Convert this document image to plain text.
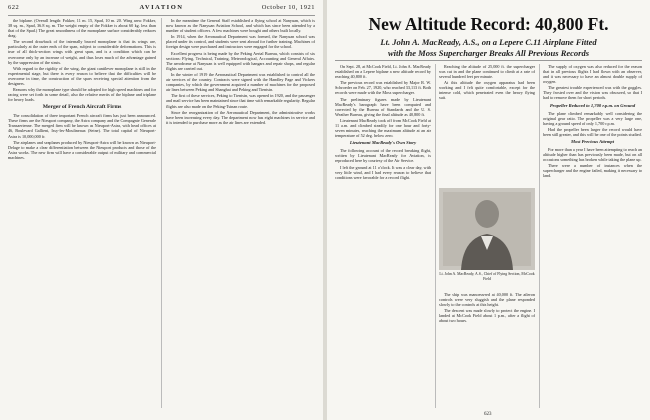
622	AVIATION	October 10, 1921

the biplane. (Overall length: Fokker, 11 m. 15, Spad, 10 m. 20. Wing area: Fokker, 38 sq. m., Spad, 36.8 sq. m. The weight empty of the Fokker is about 60 kg. less than that of the Spad.) The great smoothness of the monoplane surface considerably reduces drag.

The second drawback of the internally braced monoplane is that its wings are, particularly at the outer ends of the span, subject to considerable deformations. This is true of all thick-section wings with great span, and is a condition which can be overcome only by an increase of weight, and thus loses much of the advantage gained by the suppression of the struts.

With regard to the rigidity of the wing, the giant cantilever monoplane is still in the experimental stage, but there is every reason to believe that the difficulties will be overcome in time, the construction of the spars receiving special attention from the designers.

Reasons why the monoplane type should be adopted for high speed machines and for racing were set forth in some detail, also the relative merits of the biplane and triplane for heavy loads.

Merger of French Aircraft Firms

The consolidation of three important French aircraft firms has just been announced. These firms are the Nieuport company, the Astra company and the Compagnie Generale Transaerienne. The merged firm will be known as Nieuport-Astra, with head offices at 46, Boulevard Gallieni, Issy-les-Moulineaux (Seine). The total capital of Nieuport-Astra is 10,000,000 fr.

The airplanes and seaplanes produced by Nieuport-Astra will be known as Nieuport-Delage to make a clear differentiation between the Nieuport products and those of the Astra works. The new firm will have a considerable output of military and commercial machines.

In the meantime the General Staff established a flying school at Nanyuan, which is now known as the Nanyuan Aviation School, and which has since been attended by a number of student officers. A few machines were bought and others built locally.

In 1914, when the Aeronautical Department was formed, the Nanyuan school was placed under its control, and students were sent abroad for further training. Machines of foreign design were purchased and instructors were engaged for the school.

Excellent progress is being made by the Peking Aerial Bureau, which consists of six sections: Flying, Technical, Training, Meteorological, Accounting and General Affairs. The aerodrome at Nanyuan is well equipped with hangars and repair shops, and regular flights are carried out.

In the winter of 1919 the Aeronautical Department was established to control all the air services of the country. Contracts were signed with the Handley Page and Vickers companies, by which the government acquired a number of machines for the proposed air lines between Peking and Shanghai and Peking and Tientsin.

The first of these services, Peking to Tientsin, was opened in 1920, and the passenger and mail service has been maintained since that time with remarkable regularity. Regular flights are also made on the Peking-Tsinan route.

Since the reorganization of the Aeronautical Department, the administrative works have been increasing every day. The department now has eight machines in service and it is intended to purchase more as the air lines are extended.

New Altitude Record: 40,800 Ft.
Lt. John A. MacReady, A.S., on a Lepere C.11 Airplane Fitted
with the Moss Supercharger Breaks All Previous Records

On Sept. 28, at McCook Field, Lt. John A. MacReady established on a Lepere biplane a new altitude record by reaching 40,800 ft.

The previous record was established by Major R. W. Schroeder on Feb. 27, 1920, who reached 33,113 ft. Both records were made with the Moss supercharger.

The preliminary figures made by Lieutenant MacReady's barograph have been computed and corrected by the Bureau of Standards and the U. S. Weather Bureau, giving the final altitude as 40,800 ft.

Lieutenant MacReady took off from McCook Field at 11 a.m. and climbed steadily for one hour and forty-seven minutes, reaching the maximum altitude at an air temperature of 52 deg. below zero.

Lieutenant MacReady's Own Story

The following account of the record breaking flight, written by Lieutenant MacReady for Aviation, is reproduced here by courtesy of the Air Service.

I left the ground at 11 o'clock. It was a clear day, with very little wind, and I had every reason to believe that conditions were favorable for a record flight.

Reaching the altitude of 25,000 ft. the supercharger was cut in and the plane continued to climb at a rate of several hundred feet per minute.

At this altitude the oxygen apparatus had been working and I felt quite comfortable, except for the intense cold, which penetrated even the heavy flying suit.

Lt. John A. MacReady, A.S., Chief of Flying Section, McCook Field

The ship was manoeuvred at 40,000 ft. The aileron controls were very sluggish and the plane responded slowly to the controls at this height.

The descent was made slowly to protect the engine. I landed at McCook Field about 1 p.m., after a flight of about two hours.

The supply of oxygen was also reduced for the reason that in all previous flights I had flown with an observer, and it was necessary to have an almost double supply of oxygen.

The greatest trouble experienced was with the goggles. They frosted over and the vision was obscured, so that I had to remove them for short periods.

Propeller Reduced to 1,700 r.p.m. on Ground

The plane climbed remarkably well considering the original gear ratio. The propeller was a very large one, having a ground speed of only 1,700 r.p.m.

Had the propeller been larger the record would have been still greater, and this will be one of the points studied.

Most Precious Attempt

For more than a year I have been attempting to reach an altitude higher than has previously been made, but on all occasions something has broken while taking the plane up.

There were a number of instances when the supercharger and the engine failed, making it necessary to land.

623
